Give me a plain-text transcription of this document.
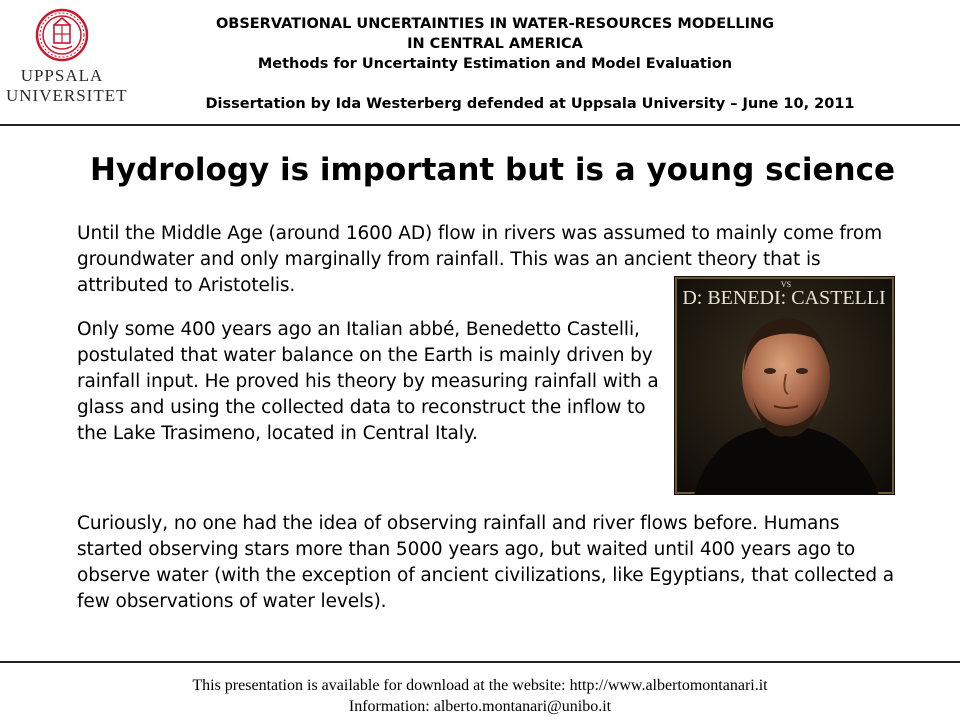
UPPSALA
UNIVERSITET
OBSERVATIONAL UNCERTAINTIES IN WATER-RESOURCES MODELLING
IN CENTRAL AMERICA
Methods for Uncertainty Estimation and Model Evaluation
Dissertation by Ida Westerberg defended at Uppsala University – June 10, 2011
Hydrology is important but is a young science
Until the Middle Age (around 1600 AD) flow in rivers was assumed to mainly come from groundwater and only marginally from rainfall. This was an ancient theory that is attributed to Aristotelis.
Only some 400 years ago an Italian abbé, Benedetto Castelli, postulated that water balance on the Earth is mainly driven by rainfall input. He proved his theory by measuring rainfall with a glass and using the collected data to reconstruct the inflow to the Lake Trasimeno, located in Central Italy.
D: BENEDI: CASTELLI
VS
Curiously, no one had the idea of observing rainfall and river flows before. Humans started observing stars more than 5000 years ago, but waited until 400 years ago to observe water (with the exception of ancient civilizations, like Egyptians, that collected a few observations of water levels).
This presentation is available for download at the website: http://www.albertomontanari.it
Information: alberto.montanari@unibo.it
